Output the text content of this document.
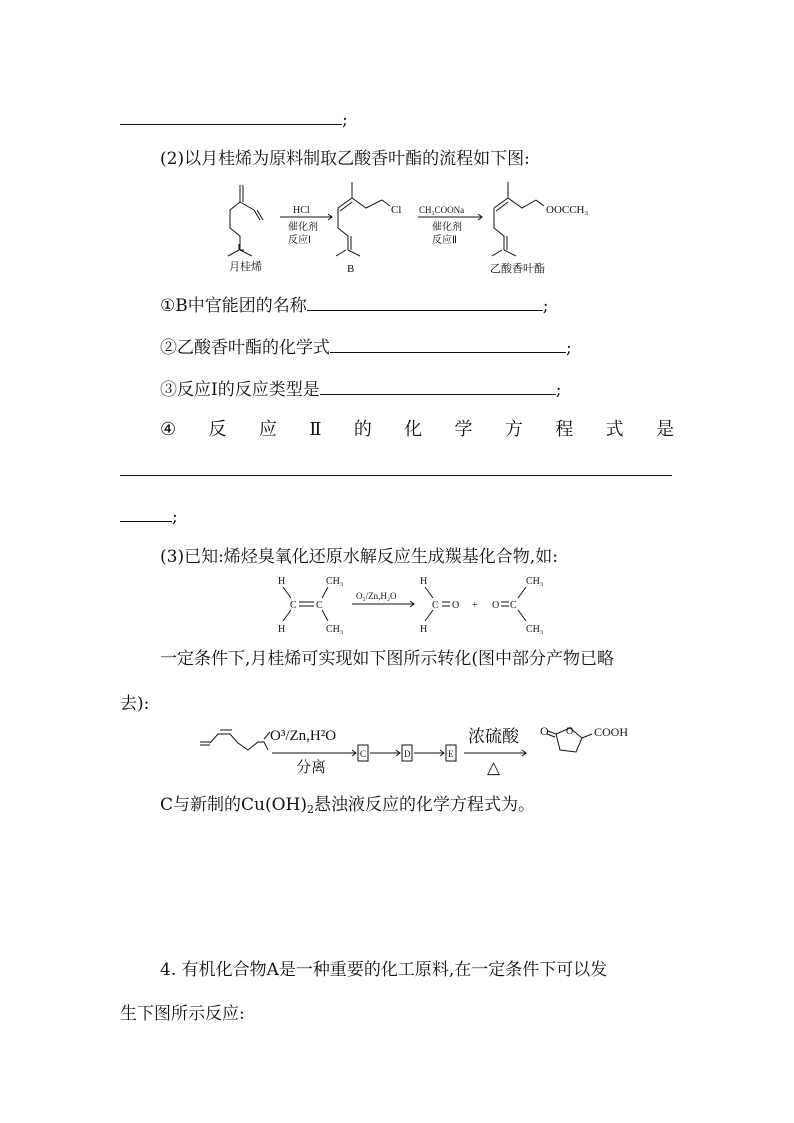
;
(2)以月桂烯为原料制取乙酸香叶酯的流程如下图:
月桂烯
HCl
催化剂
反应Ⅰ
Cl
B
CH₃COONa
催化剂
反应Ⅱ
OOCCH₃
乙酸香叶酯
①B中官能团的名称	;
②乙酸香叶酯的化学式	;
③反应Ⅰ的反应类型是	;
④ 反 应 Ⅱ 的 化 学 方 程 式 是
;
(3)已知:烯烃臭氧化还原水解反应生成羰基化合物,如:
H
H
C C
CH₃
CH₃
O₃/Zn,H₂O
H
H
C O + O C
CH₃
CH₃
一定条件下,月桂烯可实现如下图所示转化(图中部分产物已略
去):
O³/Zn,H²O
分离
C	D	E
浓硫酸
△
O O COOH
C与新制的$Cu(OH)_2$悬浊液反应的化学方程式为。
4. 有机化合物A是一种重要的化工原料,在一定条件下可以发
生下图所示反应:
